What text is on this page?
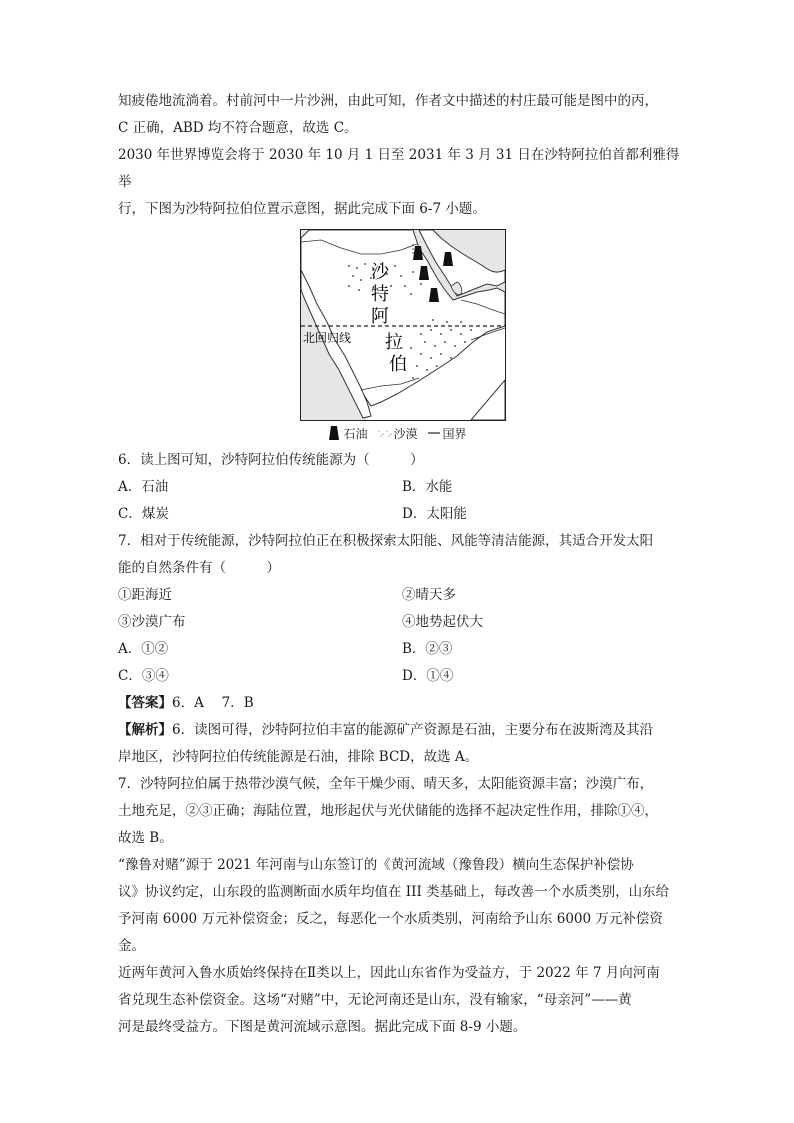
知疲倦地流淌着。村前河中一片沙洲，由此可知，作者文中描述的村庄最可能是图中的丙，

C 正确，ABD 均不符合题意，故选 C。

2030 年世界博览会将于 2030 年 10 月 1 日至 2031 年 3 月 31 日在沙特阿拉伯首都利雅得举

行，下图为沙特阿拉伯位置示意图，据此完成下面 6-7 小题。

沙
特
阿
拉
伯
北回归线
石油 沙漠 国界

6．读上图可知，沙特阿拉伯传统能源为（　　　）

A．石油	B．水能

C．煤炭	D．太阳能

7．相对于传统能源，沙特阿拉伯正在积极探索太阳能、风能等清洁能源，其适合开发太阳

能的自然条件有（　　　）

①距海近	②晴天多

③沙漠广布	④地势起伏大

A．①②	B．②③

C．③④	D．①④

【答案】6．A　 7．B

【解析】6．读图可得，沙特阿拉伯丰富的能源矿产资源是石油，主要分布在波斯湾及其沿

岸地区，沙特阿拉伯传统能源是石油，排除 BCD，故选 A。

7．沙特阿拉伯属于热带沙漠气候，全年干燥少雨、晴天多，太阳能资源丰富；沙漠广布，

土地充足，②③正确；海陆位置，地形起伏与光伏储能的选择不起决定性作用，排除①④，

故选 B。

“豫鲁对赌”源于 2021 年河南与山东签订的《黄河流域（豫鲁段）横向生态保护补偿协

议》协议约定，山东段的监测断面水质年均值在 III 类基础上，每改善一个水质类别，山东给

予河南 6000 万元补偿资金；反之，每恶化一个水质类别，河南给予山东 6000 万元补偿资金。

近两年黄河入鲁水质始终保持在Ⅱ类以上，因此山东省作为受益方，于 2022 年 7 月向河南

省兑现生态补偿资金。这场“对赌”中，无论河南还是山东，没有输家，“母亲河”——黄

河是最终受益方。下图是黄河流域示意图。据此完成下面 8-9 小题。
